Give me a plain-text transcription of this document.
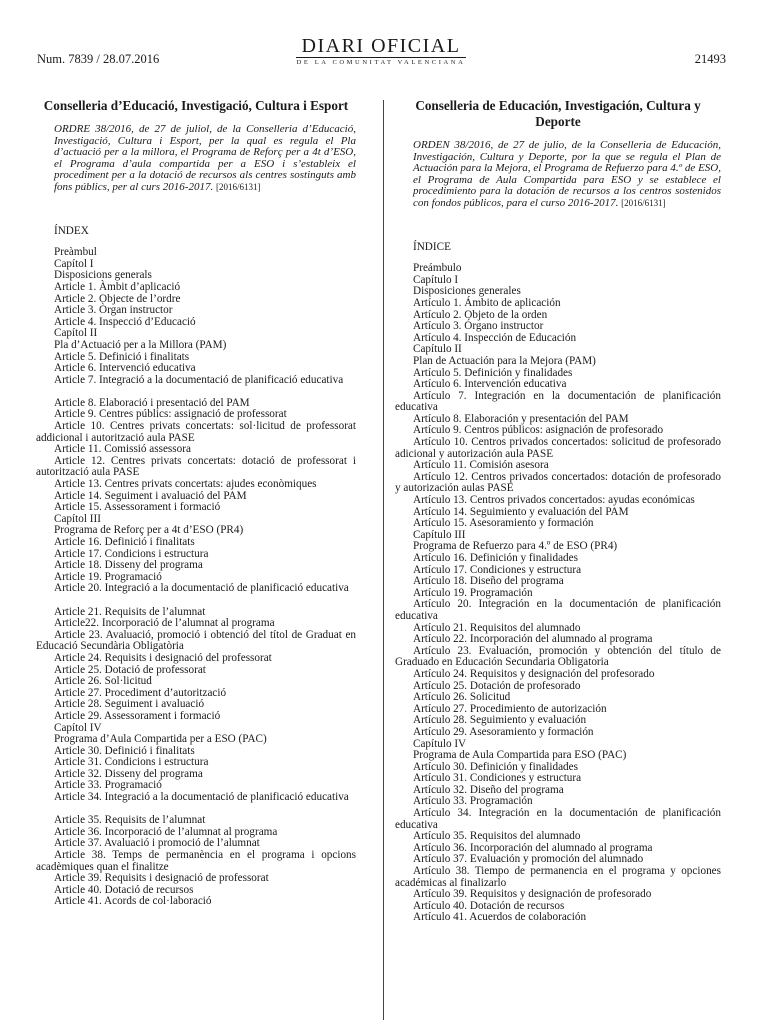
Num. 7839 / 28.07.2016
DIARI OFICIAL
DE LA COMUNITAT VALENCIANA	21493
Conselleria d’Educació, Investigació, Cultura i Esport

ORDRE 38/2016, de 27 de juliol, de la Conselleria d’Educació, Investigació, Cultura i Esport, per la qual es regula el Pla d’actuació per a la millora, el Programa de Reforç per a 4t d’ESO, el Programa d’aula compartida per a ESO i s’estableix el procediment per a la dotació de recursos als centres sostinguts amb fons públics, per al curs 2016-2017. [2016/6131]

ÍNDEX
Preàmbul
Capítol I
Disposicions generals
Article 1. Àmbit d’aplicació
Article 2. Objecte de l’ordre
Article 3. Òrgan instructor
Article 4. Inspecció d’Educació
Capítol II
Pla d’Actuació per a la Millora (PAM)
Article 5. Definició i finalitats
Article 6. Intervenció educativa
Article 7. Integració a la documentació de planificació educativa
Article 8. Elaboració i presentació del PAM
Article 9. Centres públics: assignació de professorat
Article 10. Centres privats concertats: sol·licitud de professorat addicional i autorització aula PASE
Article 11. Comissió assessora
Article 12. Centres privats concertats: dotació de professorat i autorització aula PASE
Article 13. Centres privats concertats: ajudes econòmiques
Article 14. Seguiment i avaluació del PAM
Article 15. Assessorament i formació
Capítol III
Programa de Reforç per a 4t d’ESO (PR4)
Article 16. Definició i finalitats
Article 17. Condicions i estructura
Article 18. Disseny del programa
Article 19. Programació
Article 20. Integració a la documentació de planificació educativa
Article 21. Requisits de l’alumnat
Article22. Incorporació de l’alumnat al programa
Article 23. Avaluació, promoció i obtenció del títol de Graduat en Educació Secundària Obligatòria
Article 24. Requisits i designació del professorat
Article 25. Dotació de professorat
Article 26. Sol·licitud
Article 27. Procediment d’autorització
Article 28. Seguiment i avaluació
Article 29. Assessorament i formació
Capítol IV
Programa d’Aula Compartida per a ESO (PAC)
Article 30. Definició i finalitats
Article 31. Condicions i estructura
Article 32. Disseny del programa
Article 33. Programació
Article 34. Integració a la documentació de planificació educativa
Article 35. Requisits de l’alumnat
Article 36. Incorporació de l’alumnat al programa
Article 37. Avaluació i promoció de l’alumnat
Article 38. Temps de permanència en el programa i opcions acadèmiques quan el finalitze
Article 39. Requisits i designació de professorat
Article 40. Dotació de recursos
Article 41. Acords de col·laboració
Conselleria de Educación, Investigación, Cultura y Deporte

ORDEN 38/2016, de 27 de julio, de la Conselleria de Educación, Investigación, Cultura y Deporte, por la que se regula el Plan de Actuación para la Mejora, el Programa de Refuerzo para 4.º de ESO, el Programa de Aula Compartida para ESO y se establece el procedimiento para la dotación de recursos a los centros sostenidos con fondos públicos, para el curso 2016-2017. [2016/6131]

ÍNDICE
Preámbulo
Capítulo I
Disposiciones generales
Artículo 1. Ámbito de aplicación
Artículo 2. Objeto de la orden
Artículo 3. Órgano instructor
Artículo 4. Inspección de Educación
Capítulo II
Plan de Actuación para la Mejora (PAM)
Artículo 5. Definición y finalidades
Artículo 6. Intervención educativa
Artículo 7. Integración en la documentación de planificación educativa
Artículo 8. Elaboración y presentación del PAM
Artículo 9. Centros públicos: asignación de profesorado
Artículo 10. Centros privados concertados: solicitud de profesorado adicional y autorización aula PASE
Artículo 11. Comisión asesora
Artículo 12. Centros privados concertados: dotación de profesorado y autorización aulas PASE
Artículo 13. Centros privados concertados: ayudas económicas
Artículo 14. Seguimiento y evaluación del PAM
Artículo 15. Asesoramiento y formación
Capítulo III
Programa de Refuerzo para 4.º de ESO (PR4)
Artículo 16. Definición y finalidades
Artículo 17. Condiciones y estructura
Artículo 18. Diseño del programa
Artículo 19. Programación
Artículo 20. Integración en la documentación de planificación educativa
Artículo 21. Requisitos del alumnado
Artículo 22. Incorporación del alumnado al programa
Artículo 23. Evaluación, promoción y obtención del título de Graduado en Educación Secundaria Obligatoria
Artículo 24. Requisitos y designación del profesorado
Artículo 25. Dotación de profesorado
Artículo 26. Solicitud
Artículo 27. Procedimiento de autorización
Artículo 28. Seguimiento y evaluación
Artículo 29. Asesoramiento y formación
Capítulo IV
Programa de Aula Compartida para ESO (PAC)
Artículo 30. Definición y finalidades
Artículo 31. Condiciones y estructura
Artículo 32. Diseño del programa
Artículo 33. Programación
Artículo 34. Integración en la documentación de planificación educativa
Artículo 35. Requisitos del alumnado
Artículo 36. Incorporación del alumnado al programa
Artículo 37. Evaluación y promoción del alumnado
Artículo 38. Tiempo de permanencia en el programa y opciones académicas al finalizarlo
Artículo 39. Requisitos y designación de profesorado
Artículo 40. Dotación de recursos
Artículo 41. Acuerdos de colaboración
